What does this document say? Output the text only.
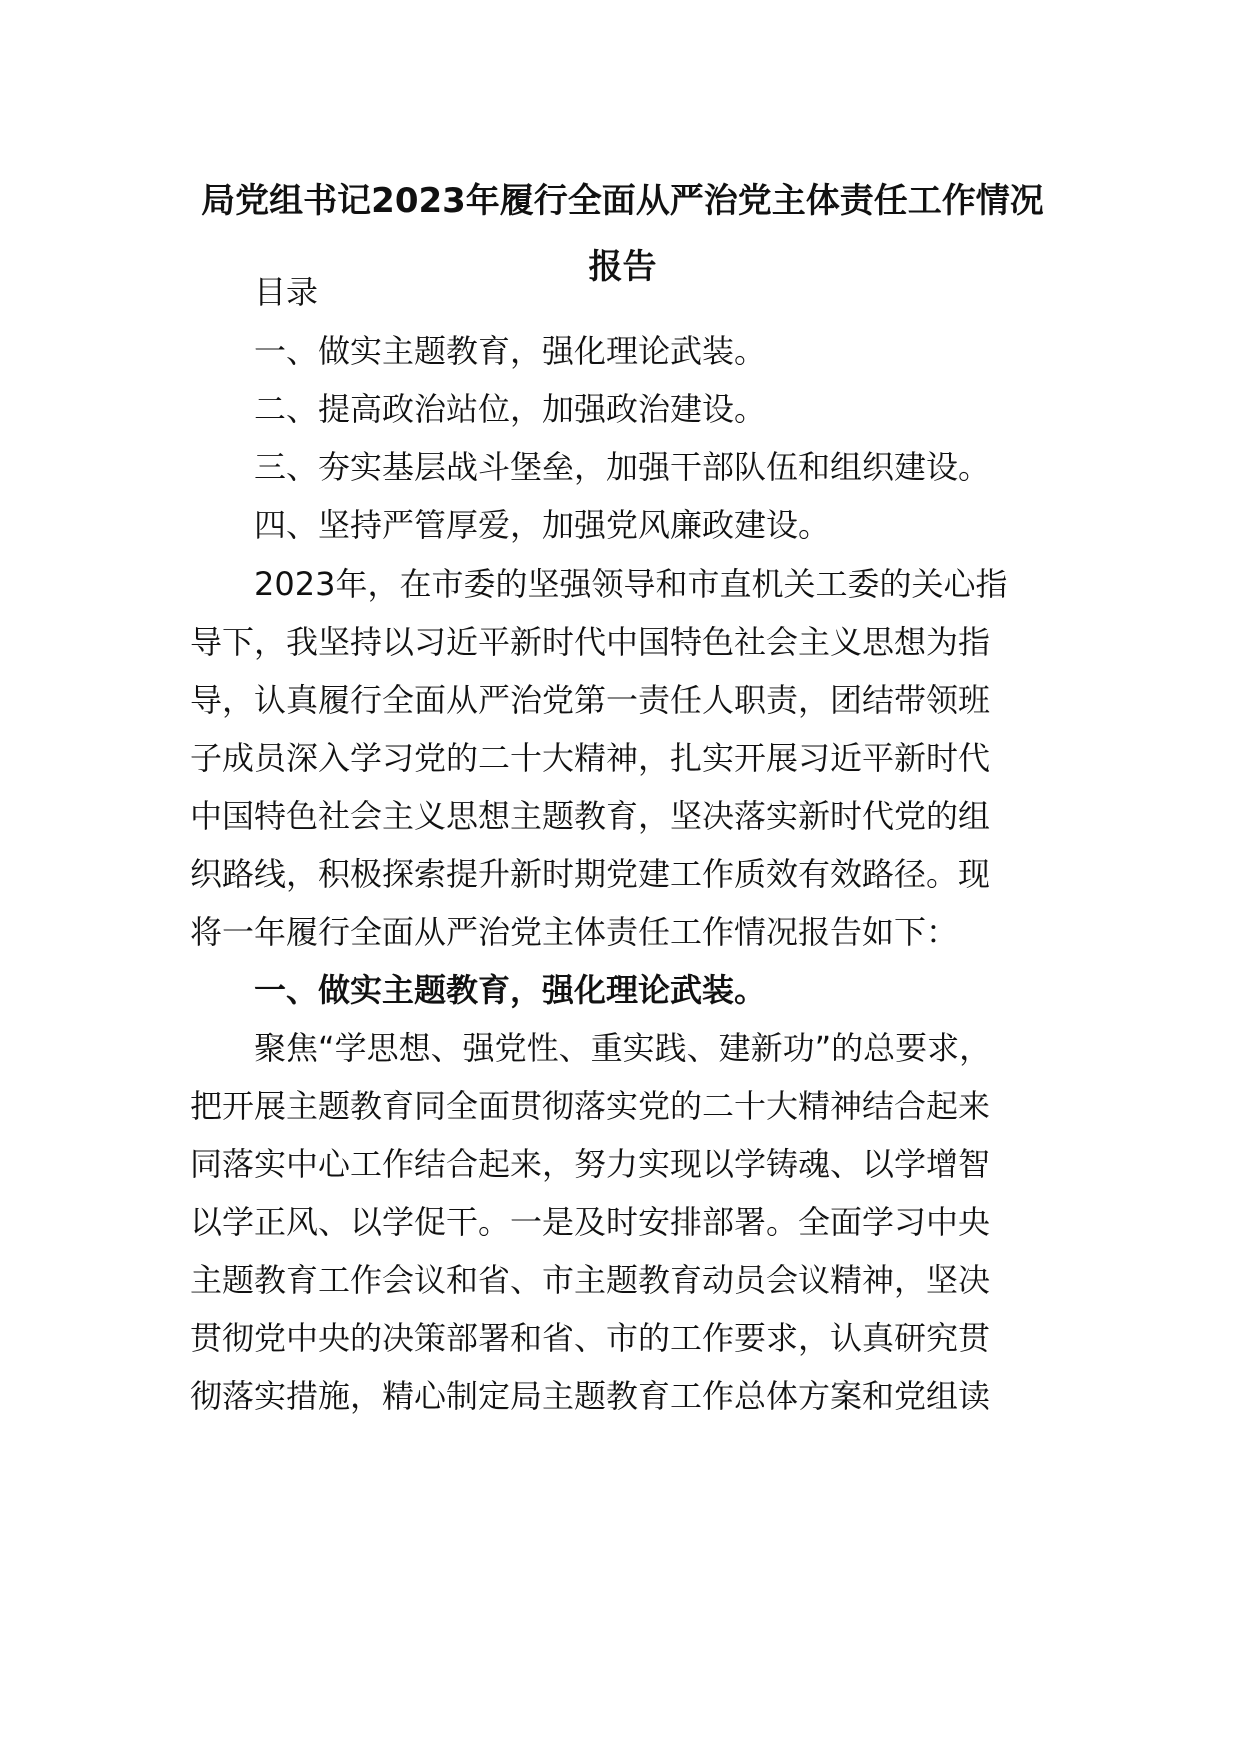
局党组书记2023年履行全面从严治党主体责任工作情况报告

目录

一、做实主题教育，强化理论武装。

二、提高政治站位，加强政治建设。

三、夯实基层战斗堡垒，加强干部队伍和组织建设。

四、坚持严管厚爱，加强党风廉政建设。

2023年，在市委的坚强领导和市直机关工委的关心指

导下，我坚持以习近平新时代中国特色社会主义思想为指

导，认真履行全面从严治党第一责任人职责，团结带领班

子成员深入学习党的二十大精神，扎实开展习近平新时代

中国特色社会主义思想主题教育，坚决落实新时代党的组

织路线，积极探索提升新时期党建工作质效有效路径。现

将一年履行全面从严治党主体责任工作情况报告如下：

一、做实主题教育，强化理论武装。

聚焦“学思想、强党性、重实践、建新功”的总要求，

把开展主题教育同全面贯彻落实党的二十大精神结合起来

同落实中心工作结合起来，努力实现以学铸魂、以学增智

以学正风、以学促干。一是及时安排部署。全面学习中央

主题教育工作会议和省、市主题教育动员会议精神，坚决

贯彻党中央的决策部署和省、市的工作要求，认真研究贯

彻落实措施，精心制定局主题教育工作总体方案和党组读
